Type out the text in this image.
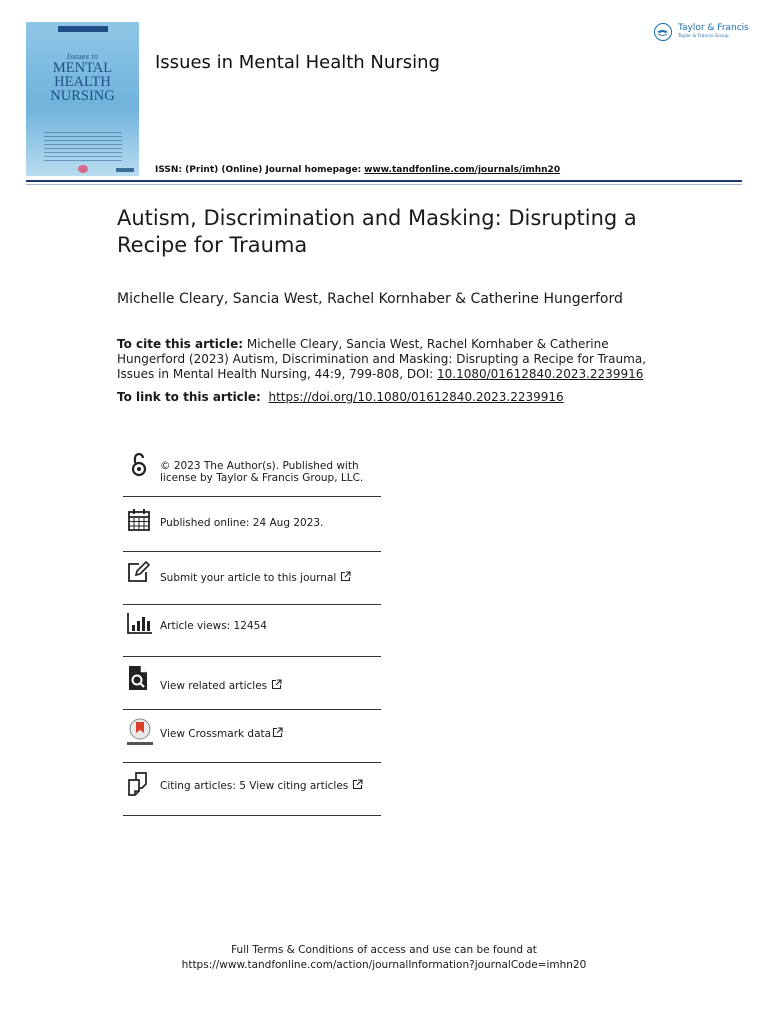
Issues in
MENTAL
HEALTH
NURSING
Issues in Mental Health Nursing
ISSN: (Print) (Online) Journal homepage: www.tandfonline.com/journals/imhn20
Taylor & Francis
Taylor & Francis Group
Autism, Discrimination and Masking: Disrupting a Recipe for Trauma
Michelle Cleary, Sancia West, Rachel Kornhaber & Catherine Hungerford
To cite this article: Michelle Cleary, Sancia West, Rachel Kornhaber & Catherine Hungerford (2023) Autism, Discrimination and Masking: Disrupting a Recipe for Trauma, Issues in Mental Health Nursing, 44:9, 799-808, DOI: 10.1080/01612840.2023.2239916
To link to this article: https://doi.org/10.1080/01612840.2023.2239916
© 2023 The Author(s). Published with
license by Taylor & Francis Group, LLC.
Published online: 24 Aug 2023.
Submit your article to this journal
Article views: 12454
View related articles
View Crossmark data
Citing articles: 5 View citing articles
Full Terms & Conditions of access and use can be found at
https://www.tandfonline.com/action/journalInformation?journalCode=imhn20
